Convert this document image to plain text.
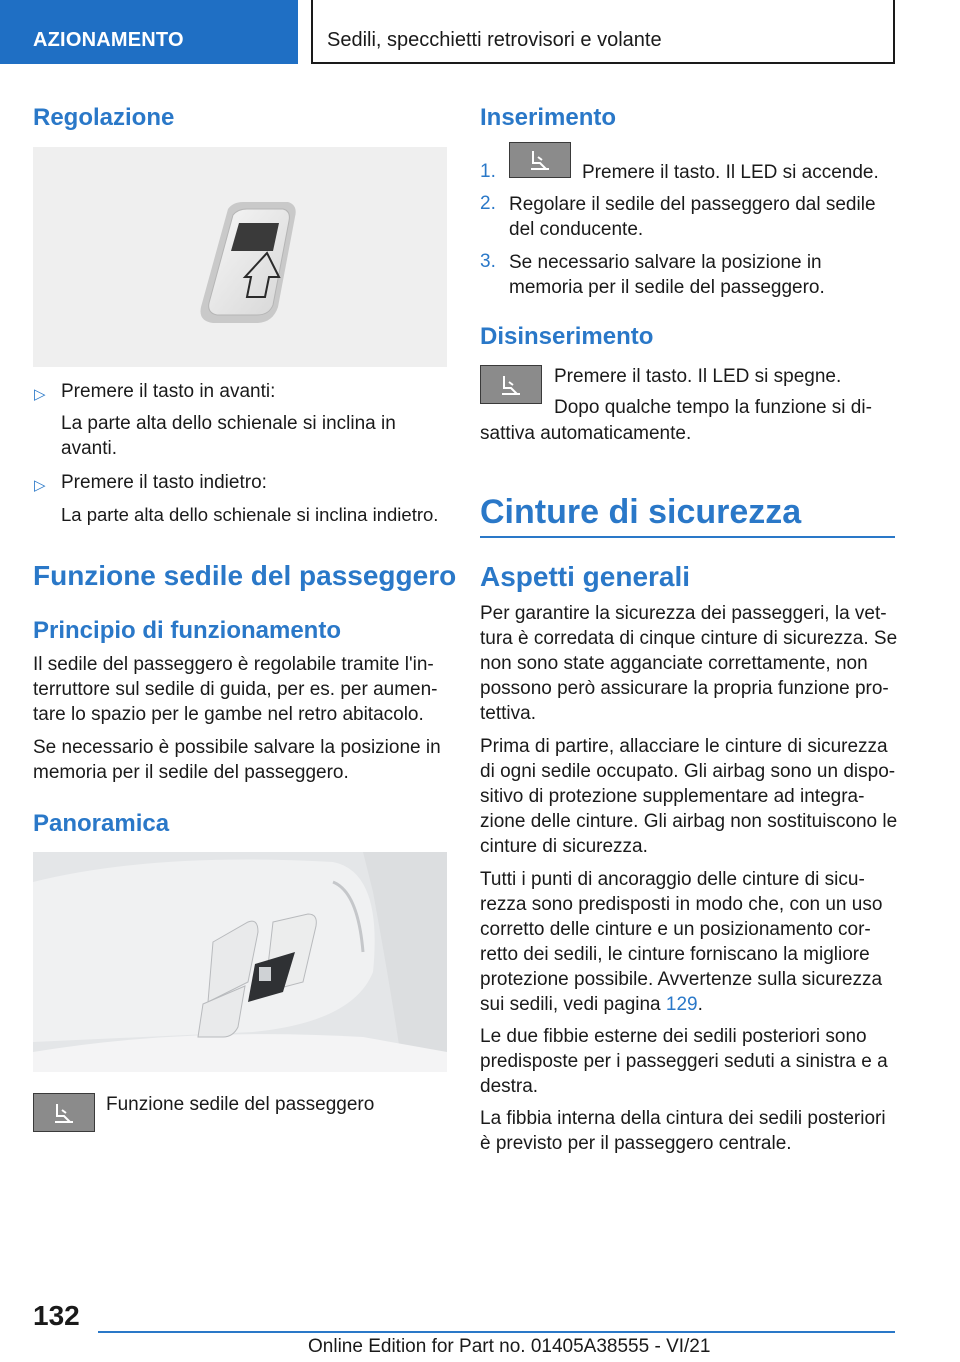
AZIONAMENTO	Sedili, specchietti retrovisori e volante
Regolazione
▷ Premere il tasto in avanti:
La parte alta dello schienale si inclina in avanti.
▷ Premere il tasto indietro:
La parte alta dello schienale si inclina indietro.
Funzione sedile del passeggero
Principio di funzionamento
Il sedile del passeggero è regolabile tramite l'in-terruttore sul sedile di guida, per es. per aumen-tare lo spazio per le gambe nel retro abitacolo.
Se necessario è possibile salvare la posizione in memoria per il sedile del passeggero.
Panoramica
Funzione sedile del passeggero
Inserimento
1.	Premere il tasto. Il LED si accende.
2. Regolare il sedile del passeggero dal sedile del conducente.
3. Se necessario salvare la posizione in memoria per il sedile del passeggero.
Disinserimento
Premere il tasto. Il LED si spegne.
Dopo qualche tempo la funzione si di-
sattiva automaticamente.
Cinture di sicurezza
Aspetti generali
Per garantire la sicurezza dei passeggeri, la vet-tura è corredata di cinque cinture di sicurezza. Se non sono state agganciate correttamente, non possono però assicurare la propria funzione pro-tettiva.
Prima di partire, allacciare le cinture di sicurezza di ogni sedile occupato. Gli airbag sono un dispo-sitivo di protezione supplementare ad integra-zione delle cinture. Gli airbag non sostituiscono le cinture di sicurezza.
Tutti i punti di ancoraggio delle cinture di sicu-rezza sono predisposti in modo che, con un uso corretto delle cinture e un posizionamento cor-retto dei sedili, le cinture forniscano la migliore protezione possibile. Avvertenze sulla sicurezza sui sedili, vedi pagina 129.
Le due fibbie esterne dei sedili posteriori sono predisposte per i passeggeri seduti a sinistra e a destra.
La fibbia interna della cintura dei sedili posteriori è previsto per il passeggero centrale.
132
Online Edition for Part no. 01405A38555 - VI/21
